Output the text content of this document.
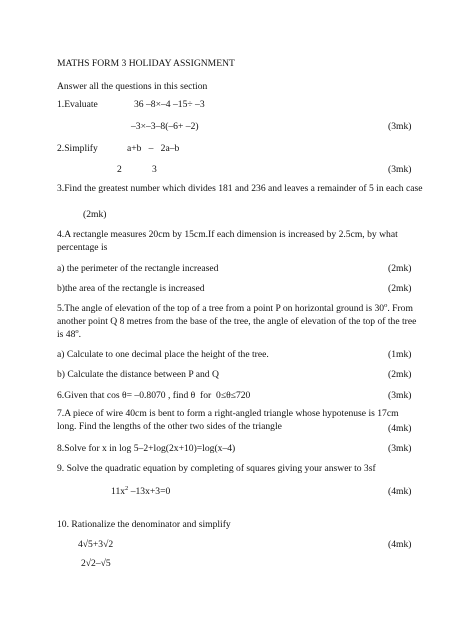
MATHS FORM 3 HOLIDAY ASSIGNMENT
Answer all the questions in this section
1.Evaluate	36 –8×–4 –15÷ –3
–3×–3–8(–6+ –2)	(3mk)
2.Simplify	a+b   –   2a–b
2	3	(3mk)
3.Find the greatest number which divides 181 and 236 and leaves a remainder of 5 in each case
(2mk)
4.A rectangle measures 20cm by 15cm.If each dimension is increased by 2.5cm, by what percentage is
a) the perimeter of the rectangle increased	(2mk)
b)the area of the rectangle is increased	(2mk)
5.The angle of elevation of the top of a tree from a point P on horizontal ground is 30$^o$. From another point Q 8 metres from the base of the tree, the angle of elevation of the top of the tree is 48$^o$.
a) Calculate to one decimal place the height of the tree.	(1mk)
b) Calculate the distance between P and Q	(2mk)
6.Given that cos θ= –0.8070 , find θ  for  0≤θ≤720	(3mk)
7.A piece of wire 40cm is bent to form a right-angled triangle whose hypotenuse is 17cm long. Find the lengths of the other two sides of the triangle	(4mk)
8.Solve for x in log 5–2+log(2x+10)=log(x–4)	(3mk)
9. Solve the quadratic equation by completing of squares giving your answer to 3sf
$11x^2$ –13x+3=0	(4mk)
10. Rationalize the denominator and simplify
4√5+3√2	(4mk)
2√2–√5
